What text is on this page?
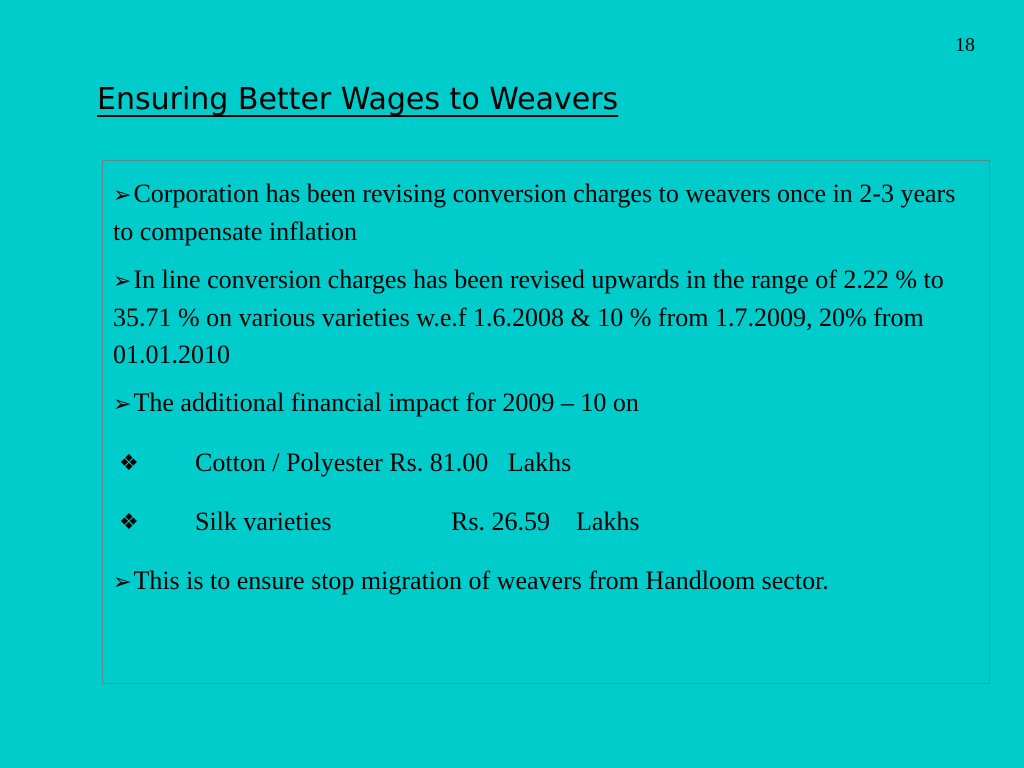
18
Ensuring Better Wages to Weavers

➢Corporation has been revising conversion charges to weavers once in 2-3 years to compensate inflation

➢In line conversion charges has been revised upwards in the range of 2.22 % to 35.71 % on various varieties w.e.f 1.6.2008 & 10 % from 1.7.2009, 20% from 01.01.2010

➢The additional financial impact for 2009 – 10 on

❖	Cotton / Polyester Rs. 81.00   Lakhs
❖	Silk varieties	Rs. 26.59    Lakhs

➢This is to ensure stop migration of weavers from Handloom sector.
